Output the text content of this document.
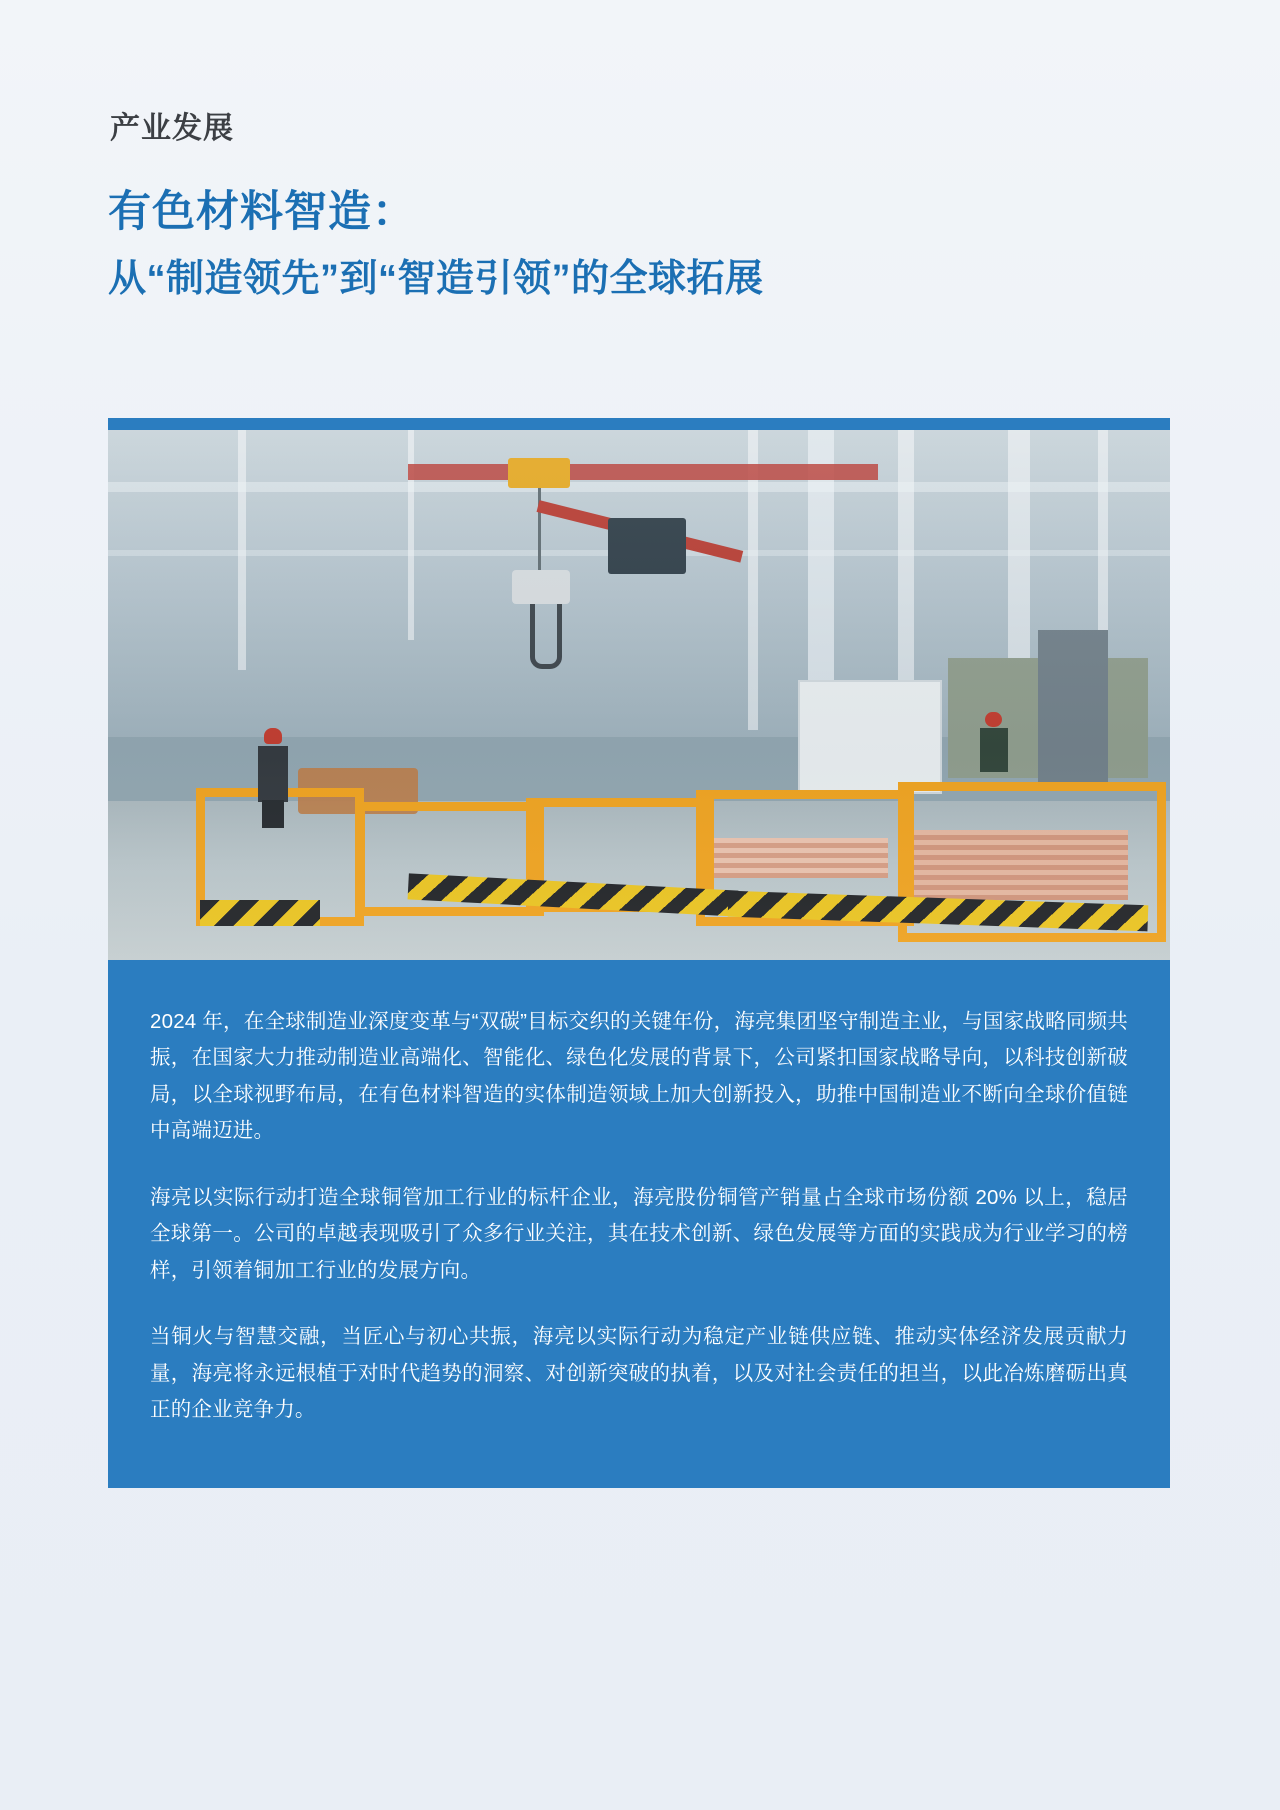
产业发展
有色材料智造：
从“制造领先”到“智造引领”的全球拓展

2024 年，在全球制造业深度变革与“双碳”目标交织的关键年份，海亮集团坚守制造主业，与国家战略同频共振，在国家大力推动制造业高端化、智能化、绿色化发展的背景下，公司紧扣国家战略导向，以科技创新破局，以全球视野布局，在有色材料智造的实体制造领域上加大创新投入，助推中国制造业不断向全球价值链中高端迈进。

海亮以实际行动打造全球铜管加工行业的标杆企业，海亮股份铜管产销量占全球市场份额 20% 以上，稳居全球第一。公司的卓越表现吸引了众多行业关注，其在技术创新、绿色发展等方面的实践成为行业学习的榜样，引领着铜加工行业的发展方向。

当铜火与智慧交融，当匠心与初心共振，海亮以实际行动为稳定产业链供应链、推动实体经济发展贡献力量，海亮将永远根植于对时代趋势的洞察、对创新突破的执着，以及对社会责任的担当，以此冶炼磨砺出真正的企业竞争力。
